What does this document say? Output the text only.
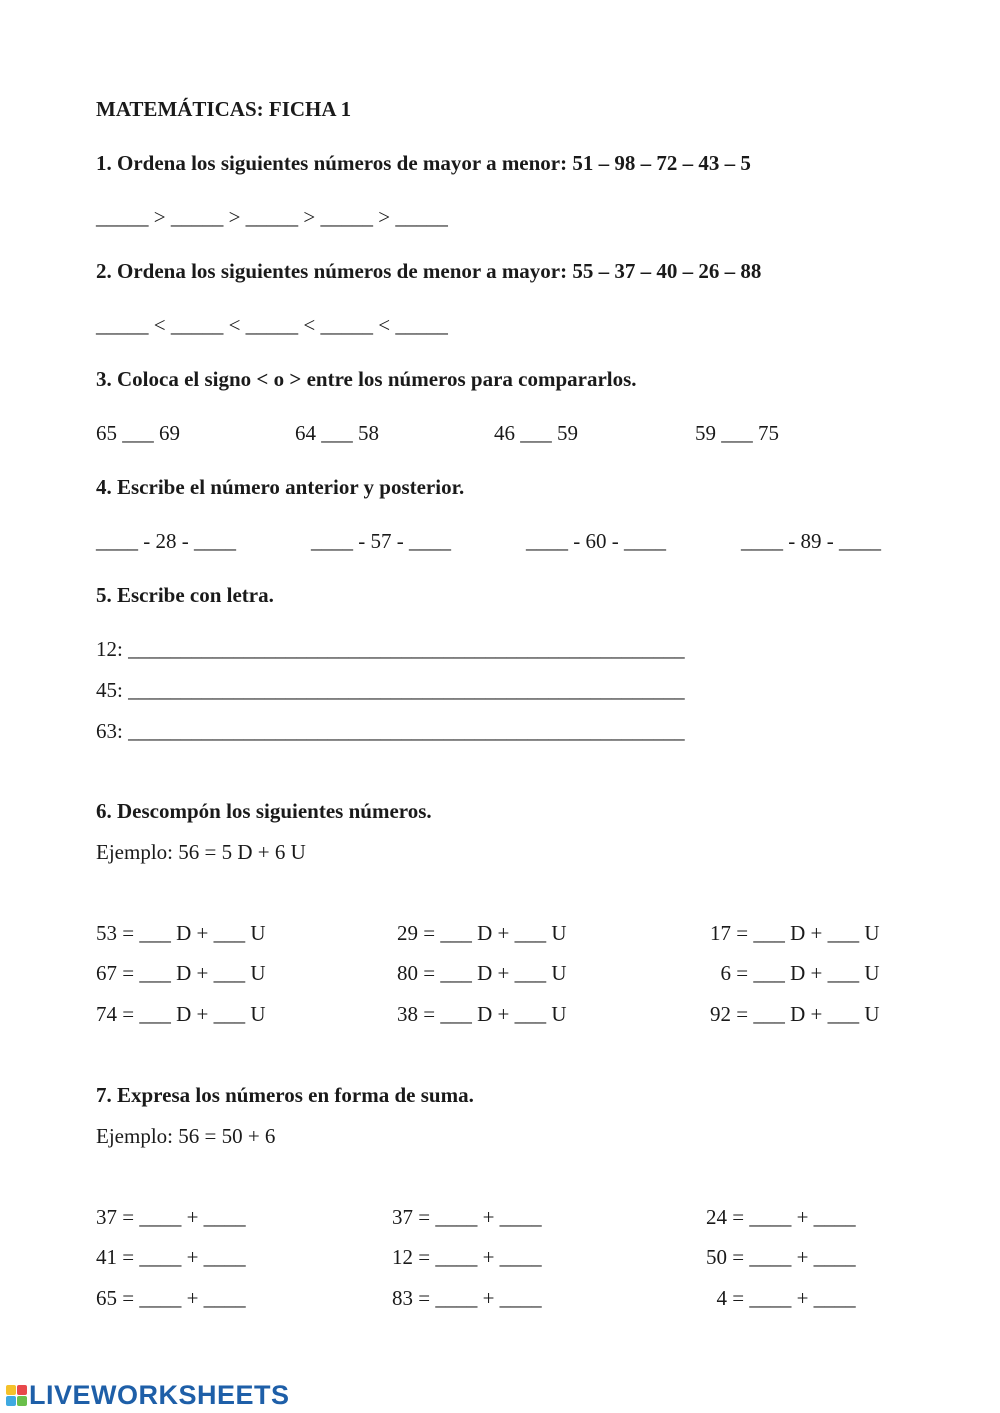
MATEMÁTICAS: FICHA 1

1. Ordena los siguientes números de mayor a menor: 51 – 98 – 72 – 43 – 5

_____ > _____ > _____ > _____ > _____

2. Ordena los siguientes números de menor a mayor: 55 – 37 – 40 – 26 – 88

_____ < _____ < _____ < _____ < _____

3. Coloca el signo < o > entre los números para compararlos.

65 ___ 69	64 ___ 58	46 ___ 59	59 ___ 75

4. Escribe el número anterior y posterior.

____ - 28 - ____	____ - 57 - ____	____ - 60 - ____	____ - 89 - ____

5. Escribe con letra.

12: _____________________________________________________

45: _____________________________________________________

63: _____________________________________________________

6. Descompón los siguientes números.

Ejemplo: 56 = 5 D + 6 U

53 = ___ D + ___ U

67 = ___ D + ___ U

74 = ___ D + ___ U

29 = ___ D + ___ U

80 = ___ D + ___ U

38 = ___ D + ___ U

17 = ___ D + ___ U

6 = ___ D + ___ U

92 = ___ D + ___ U

7. Expresa los números en forma de suma.

Ejemplo: 56 = 50 + 6

37 = ____ + ____

41 = ____ + ____

65 = ____ + ____

37 = ____ + ____

12 = ____ + ____

83 = ____ + ____

24 = ____ + ____

50 = ____ + ____

4 = ____ + ____

LIVEWORKSHEETS
